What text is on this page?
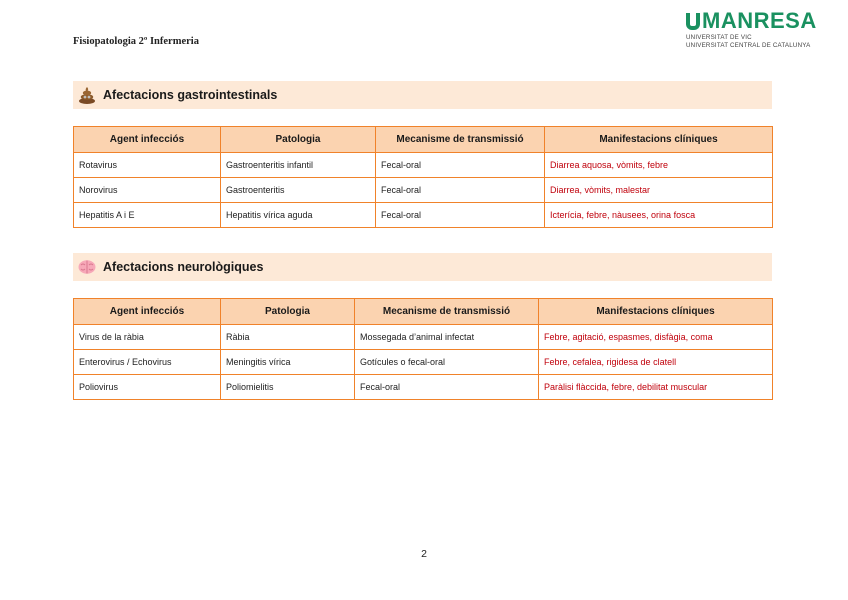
Fisiopatologia 2º Infermeria
MANRESA
UNIVERSITAT DE VIC
UNIVERSITAT CENTRAL DE CATALUNYA
Afectacions gastrointestinals
Agent infecciós	Patologia	Mecanisme de transmissió	Manifestacions clíniques
Rotavirus	Gastroenteritis infantil	Fecal-oral	Diarrea aquosa, vòmits, febre
Norovirus	Gastroenteritis	Fecal-oral	Diarrea, vòmits, malestar
Hepatitis A i E	Hepatitis vírica aguda	Fecal-oral	Icterícia, febre, nàusees, orina fosca
Afectacions neurològiques
Agent infecciós	Patologia	Mecanisme de transmissió	Manifestacions clíniques
Virus de la ràbia	Ràbia	Mossegada d’animal infectat	Febre, agitació, espasmes, disfàgia, coma
Enterovirus / Echovirus	Meningitis vírica	Gotícules o fecal-oral	Febre, cefalea, rigidesa de clatell
Poliovirus	Poliomielitis	Fecal-oral	Paràlisi flàccida, febre, debilitat muscular
2
